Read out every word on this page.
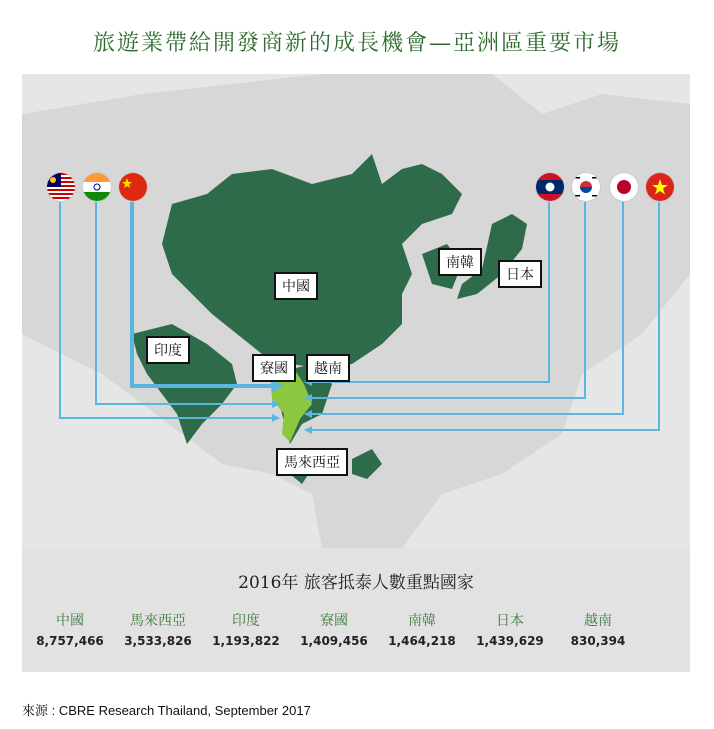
旅遊業帶給開發商新的成長機會—亞洲區重要市場
中國
印度
寮國	越南
南韓
日本
馬來西亞
2016年 旅客抵泰人數重點國家
中國
8,757,466
馬來西亞
3,533,826
印度
1,193,822
寮國
1,409,456
南韓
1,464,218
日本
1,439,629
越南
830,394
來源 : CBRE Research Thailand, September 2017
